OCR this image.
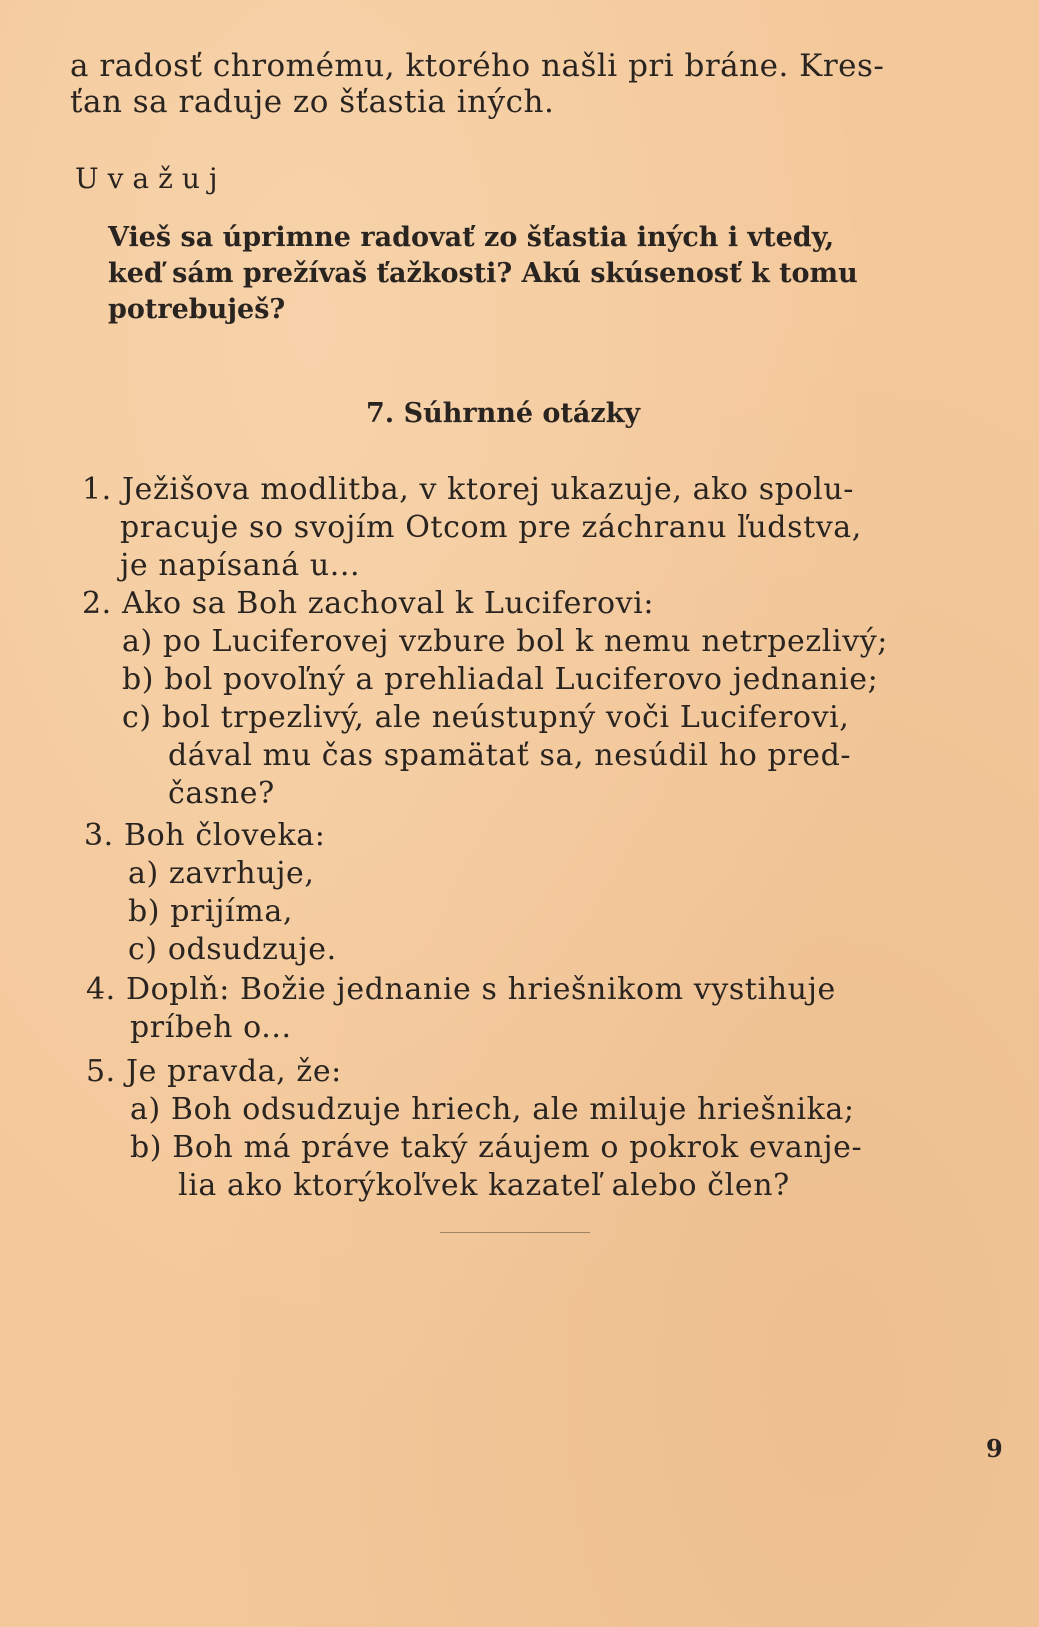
a radosť chromému, ktorého našli pri bráne. Kres-
ťan sa raduje zo šťastia iných.
Uvažuj
Vieš sa úprimne radovať zo šťastia iných i vtedy,
keď sám prežívaš ťažkosti? Akú skúsenosť k tomu
potrebuješ?
7. Súhrnné otázky
1. Ježišova modlitba, v ktorej ukazuje, ako spolu-
pracuje so svojím Otcom pre záchranu ľudstva,
je napísaná u...
2. Ako sa Boh zachoval k Luciferovi:
a) po Luciferovej vzbure bol k nemu netrpezlivý;
b) bol povoľný a prehliadal Luciferovo jednanie;
c) bol trpezlivý, ale neústupný voči Luciferovi,
dával mu čas spamätať sa, nesúdil ho pred-
časne?
3. Boh človeka:
a) zavrhuje,
b) prijíma,
c) odsudzuje.
4. Doplň: Božie jednanie s hriešnikom vystihuje
príbeh o...
5. Je pravda, že:
a) Boh odsudzuje hriech, ale miluje hriešnika;
b) Boh má práve taký záujem o pokrok evanje-
lia ako ktorýkoľvek kazateľ alebo člen?
9
